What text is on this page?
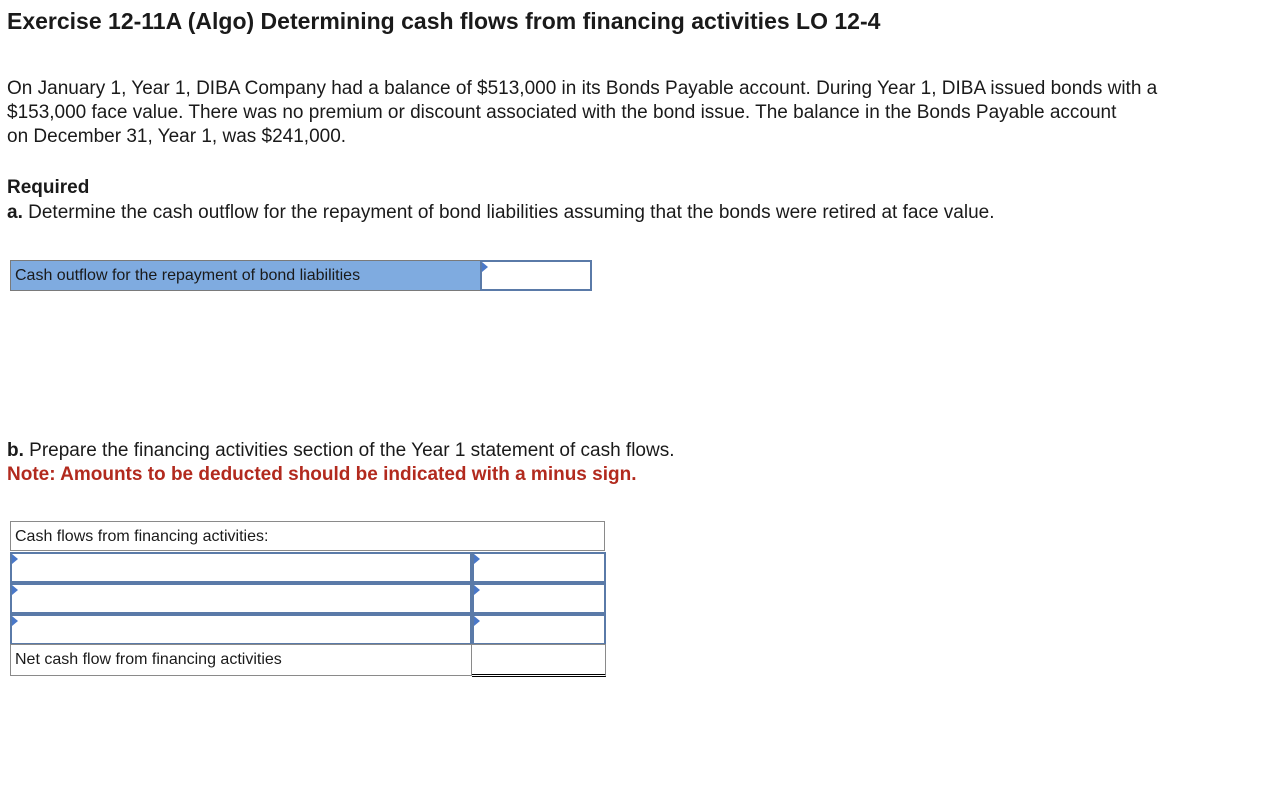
Exercise 12-11A (Algo) Determining cash flows from financing activities LO 12-4
On January 1, Year 1, DIBA Company had a balance of $513,000 in its Bonds Payable account. During Year 1, DIBA issued bonds with a
$153,000 face value. There was no premium or discount associated with the bond issue. The balance in the Bonds Payable account
on December 31, Year 1, was $241,000.
Required
a. Determine the cash outflow for the repayment of bond liabilities assuming that the bonds were retired at face value.
Cash outflow for the repayment of bond liabilities
b. Prepare the financing activities section of the Year 1 statement of cash flows.
Note: Amounts to be deducted should be indicated with a minus sign.
Cash flows from financing activities:
Net cash flow from financing activities
